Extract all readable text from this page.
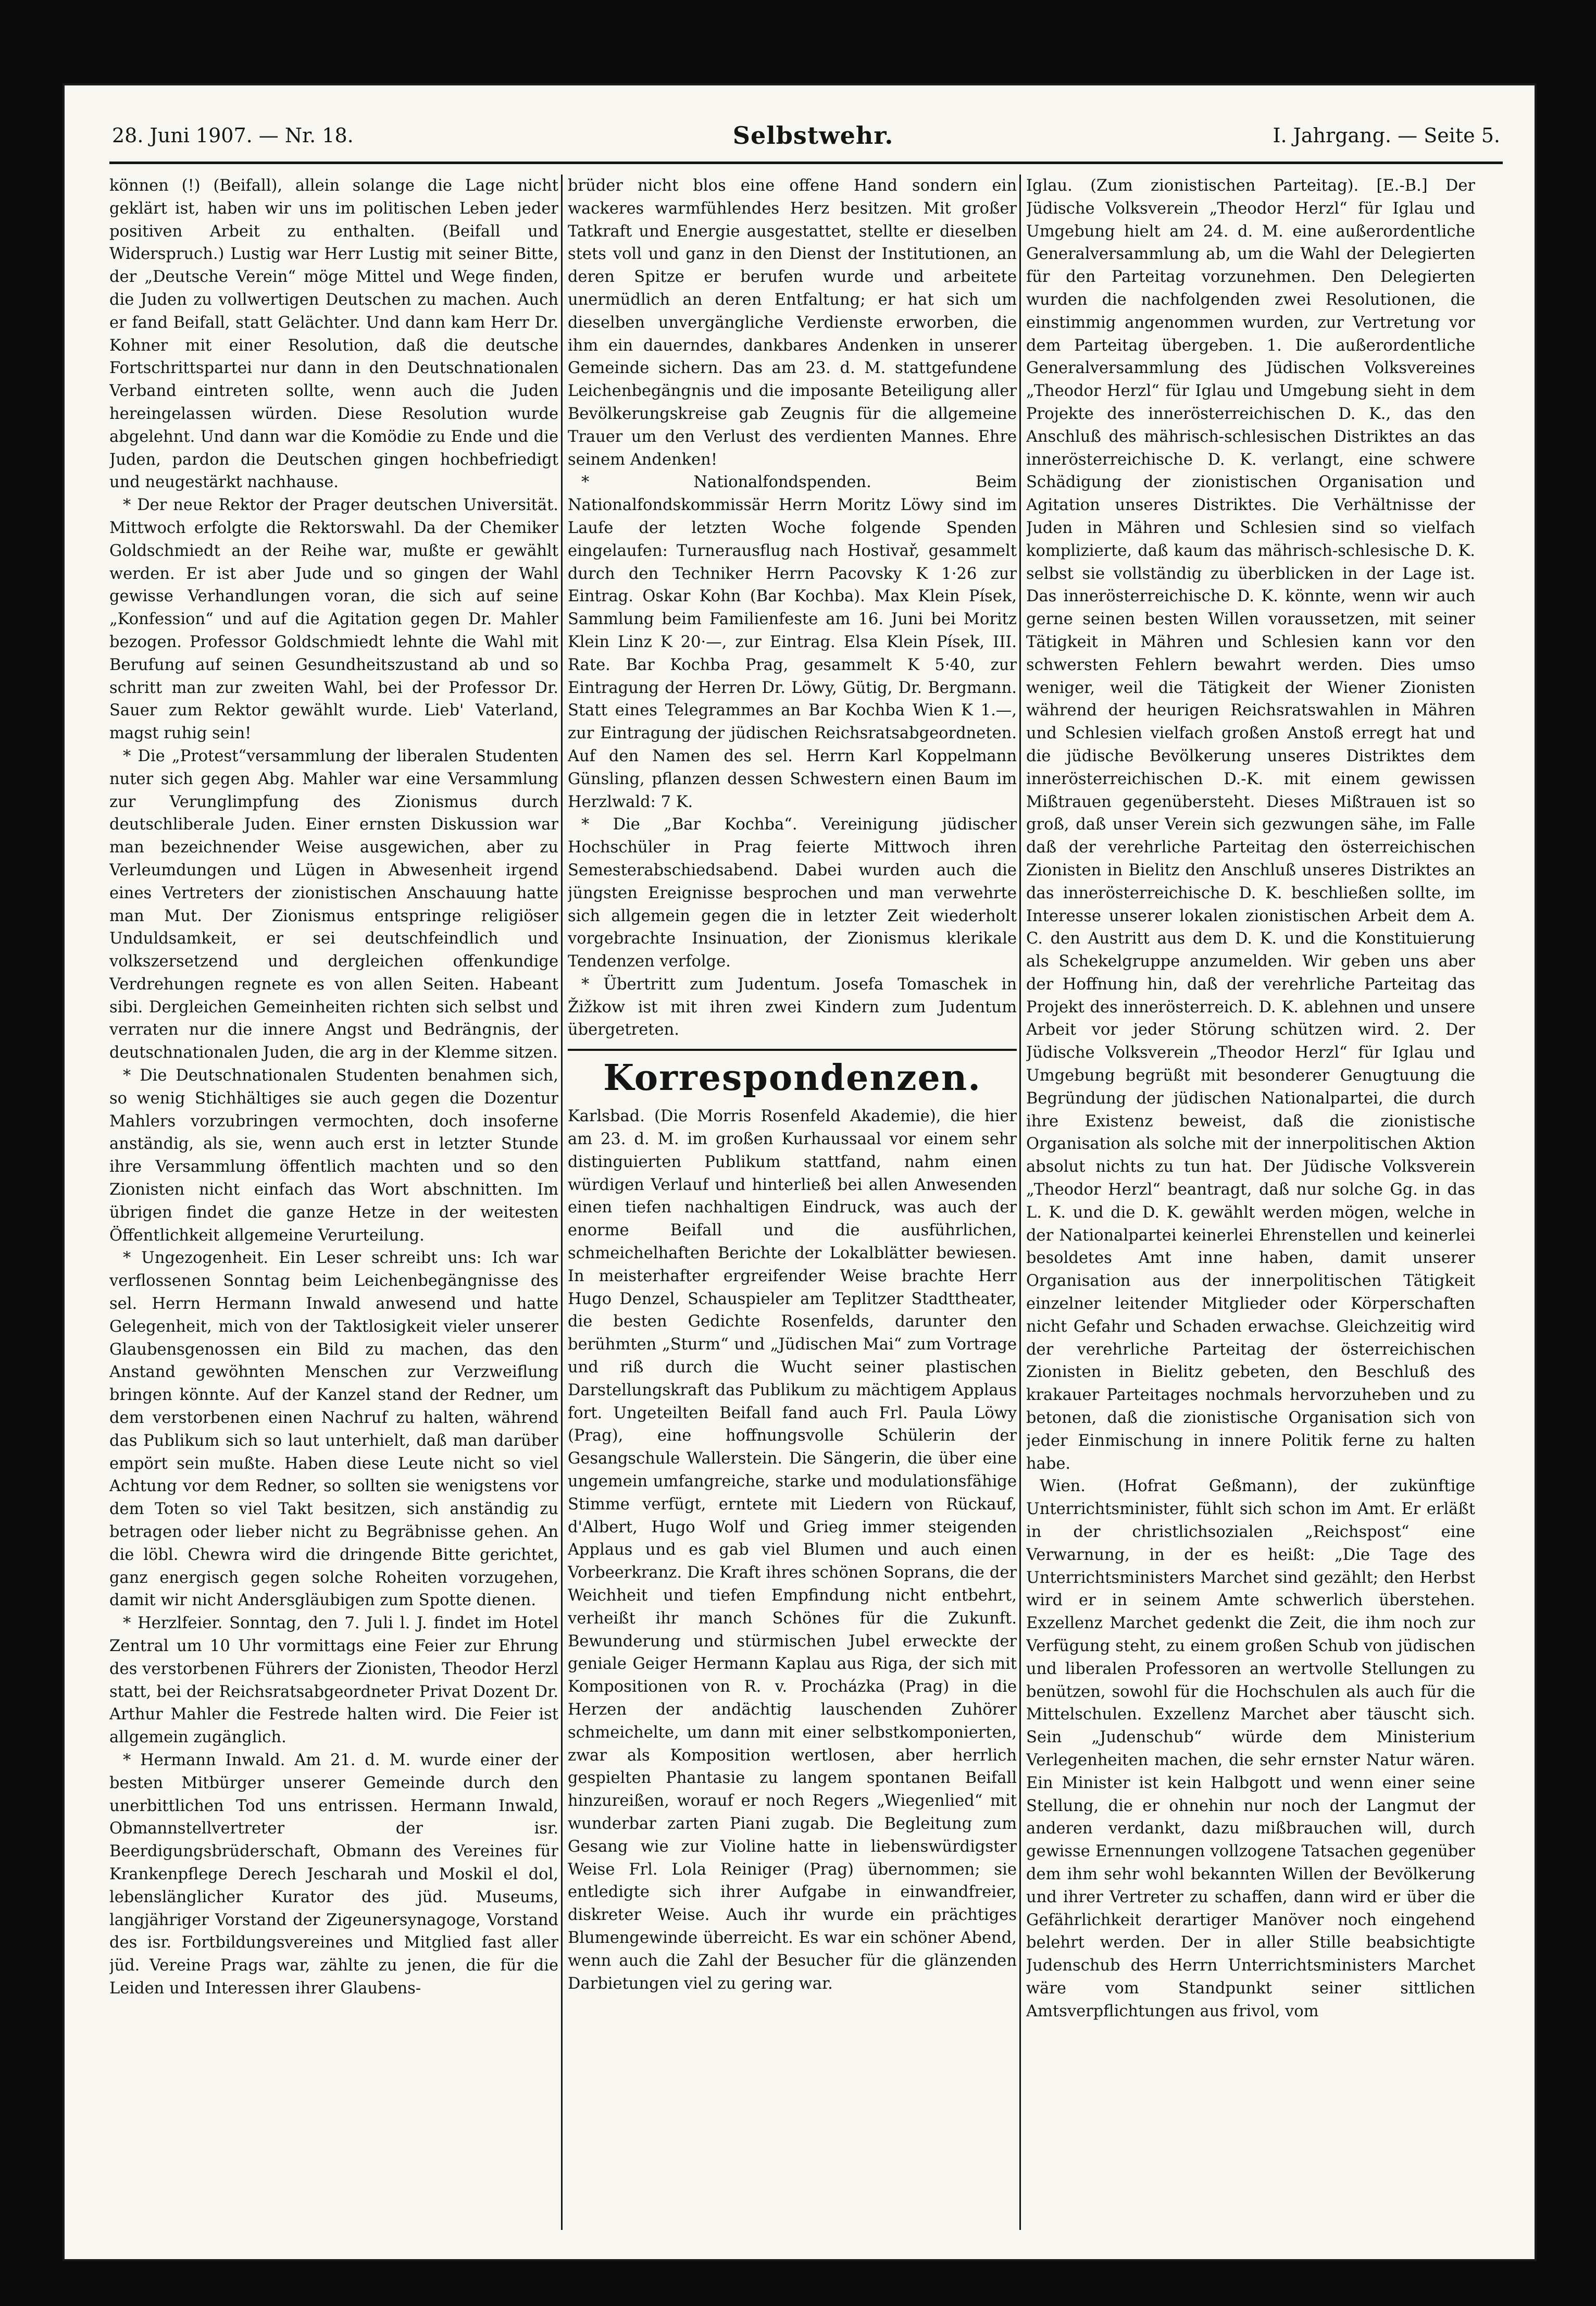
28. Juni 1907. — Nr. 18.	Selbstwehr.	I. Jahrgang. — Seite 5.

können (!) (Beifall), allein solange die Lage nicht geklärt ist, haben wir uns im politischen Leben jeder positiven Arbeit zu enthalten. (Beifall und Widerspruch.) Lustig war Herr Lustig mit seiner Bitte, der „Deutsche Verein“ möge Mittel und Wege finden, die Juden zu vollwertigen Deutschen zu machen. Auch er fand Beifall, statt Gelächter. Und dann kam Herr Dr. Kohner mit einer Resolution, daß die deutsche Fortschrittspartei nur dann in den Deutschnationalen Verband eintreten sollte, wenn auch die Juden hereingelassen würden. Diese Resolution wurde abgelehnt. Und dann war die Komödie zu Ende und die Juden, pardon die Deutschen gingen hochbefriedigt und neugestärkt nachhause.

* Der neue Rektor der Prager deutschen Universität. Mittwoch erfolgte die Rektorswahl. Da der Chemiker Goldschmiedt an der Reihe war, mußte er gewählt werden. Er ist aber Jude und so gingen der Wahl gewisse Verhandlungen voran, die sich auf seine „Konfession“ und auf die Agitation gegen Dr. Mahler bezogen. Professor Goldschmiedt lehnte die Wahl mit Berufung auf seinen Gesundheitszustand ab und so schritt man zur zweiten Wahl, bei der Professor Dr. Sauer zum Rektor gewählt wurde. Lieb' Vaterland, magst ruhig sein!

* Die „Protest“versammlung der liberalen Studenten nuter sich gegen Abg. Mahler war eine Versammlung zur Verunglimpfung des Zionismus durch deutschliberale Juden. Einer ernsten Diskussion war man bezeichnender Weise ausgewichen, aber zu Verleumdungen und Lügen in Abwesenheit irgend eines Vertreters der zionistischen Anschauung hatte man Mut. Der Zionismus entspringe religiöser Unduldsamkeit, er sei deutschfeindlich und volkszersetzend und dergleichen offenkundige Verdrehungen regnete es von allen Seiten. Habeant sibi. Dergleichen Gemeinheiten richten sich selbst und verraten nur die innere Angst und Bedrängnis, der deutschnationalen Juden, die arg in der Klemme sitzen.

* Die Deutschnationalen Studenten benahmen sich, so wenig Stichhältiges sie auch gegen die Dozentur Mahlers vorzubringen vermochten, doch insoferne anständig, als sie, wenn auch erst in letzter Stunde ihre Versammlung öffentlich machten und so den Zionisten nicht einfach das Wort abschnitten. Im übrigen findet die ganze Hetze in der weitesten Öffentlichkeit allgemeine Verurteilung.

* Ungezogenheit. Ein Leser schreibt uns: Ich war verflossenen Sonntag beim Leichenbegängnisse des sel. Herrn Hermann Inwald anwesend und hatte Gelegenheit, mich von der Taktlosigkeit vieler unserer Glaubensgenossen ein Bild zu machen, das den Anstand gewöhnten Menschen zur Verzweiflung bringen könnte. Auf der Kanzel stand der Redner, um dem verstorbenen einen Nachruf zu halten, während das Publikum sich so laut unterhielt, daß man darüber empört sein mußte. Haben diese Leute nicht so viel Achtung vor dem Redner, so sollten sie wenigstens vor dem Toten so viel Takt besitzen, sich anständig zu betragen oder lieber nicht zu Begräbnisse gehen. An die löbl. Chewra wird die dringende Bitte gerichtet, ganz energisch gegen solche Roheiten vorzugehen, damit wir nicht Andersgläubigen zum Spotte dienen.

* Herzlfeier. Sonntag, den 7. Juli l. J. findet im Hotel Zentral um 10 Uhr vormittags eine Feier zur Ehrung des verstorbenen Führers der Zionisten, Theodor Herzl statt, bei der Reichsratsabgeordneter Privat Dozent Dr. Arthur Mahler die Festrede halten wird. Die Feier ist allgemein zugänglich.

* Hermann Inwald. Am 21. d. M. wurde einer der besten Mitbürger unserer Gemeinde durch den unerbittlichen Tod uns entrissen. Hermann Inwald, Obmannstellvertreter der isr. Beerdigungsbrüderschaft, Obmann des Vereines für Krankenpflege Derech Jescharah und Moskil el dol, lebenslänglicher Kurator des jüd. Museums, langjähriger Vorstand der Zigeunersynagoge, Vorstand des isr. Fortbildungsvereines und Mitglied fast aller jüd. Vereine Prags war, zählte zu jenen, die für die Leiden und Interessen ihrer Glaubens-

brüder nicht blos eine offene Hand sondern ein wackeres warmfühlendes Herz besitzen. Mit großer Tatkraft und Energie ausgestattet, stellte er dieselben stets voll und ganz in den Dienst der Institutionen, an deren Spitze er berufen wurde und arbeitete unermüdlich an deren Entfaltung; er hat sich um dieselben unvergängliche Verdienste erworben, die ihm ein dauerndes, dankbares Andenken in unserer Gemeinde sichern. Das am 23. d. M. stattgefundene Leichenbegängnis und die imposante Beteiligung aller Bevölkerungskreise gab Zeugnis für die allgemeine Trauer um den Verlust des verdienten Mannes. Ehre seinem Andenken!

* Nationalfondspenden. Beim Nationalfondskommissär Herrn Moritz Löwy sind im Laufe der letzten Woche folgende Spenden eingelaufen: Turnerausflug nach Hostivař, gesammelt durch den Techniker Herrn Pacovsky K 1·26 zur Eintrag. Oskar Kohn (Bar Kochba). Max Klein Písek, Sammlung beim Familienfeste am 16. Juni bei Moritz Klein Linz K 20·—, zur Eintrag. Elsa Klein Písek, III. Rate. Bar Kochba Prag, gesammelt K 5·40, zur Eintragung der Herren Dr. Löwy, Gütig, Dr. Bergmann. Statt eines Telegrammes an Bar Kochba Wien K 1.—, zur Eintragung der jüdischen Reichsratsabgeordneten. Auf den Namen des sel. Herrn Karl Koppelmann Günsling, pflanzen dessen Schwestern einen Baum im Herzlwald: 7 K.

* Die „Bar Kochba“. Vereinigung jüdischer Hochschüler in Prag feierte Mittwoch ihren Semesterabschiedsabend. Dabei wurden auch die jüngsten Ereignisse besprochen und man verwehrte sich allgemein gegen die in letzter Zeit wiederholt vorgebrachte Insinuation, der Zionismus klerikale Tendenzen verfolge.

* Übertritt zum Judentum. Josefa Tomaschek in Žižkow ist mit ihren zwei Kindern zum Judentum übergetreten.

Korrespondenzen.

Karlsbad. (Die Morris Rosenfeld Akademie), die hier am 23. d. M. im großen Kurhaussaal vor einem sehr distinguierten Publikum stattfand, nahm einen würdigen Verlauf und hinterließ bei allen Anwesenden einen tiefen nachhaltigen Eindruck, was auch der enorme Beifall und die ausführlichen, schmeichelhaften Berichte der Lokalblätter bewiesen. In meisterhafter ergreifender Weise brachte Herr Hugo Denzel, Schauspieler am Teplitzer Stadttheater, die besten Gedichte Rosenfelds, darunter den berühmten „Sturm“ und „Jüdischen Mai“ zum Vortrage und riß durch die Wucht seiner plastischen Darstellungskraft das Publikum zu mächtigem Applaus fort. Ungeteilten Beifall fand auch Frl. Paula Löwy (Prag), eine hoffnungsvolle Schülerin der Gesangschule Wallerstein. Die Sängerin, die über eine ungemein umfangreiche, starke und modulationsfähige Stimme verfügt, erntete mit Liedern von Rückauf, d'Albert, Hugo Wolf und Grieg immer steigenden Applaus und es gab viel Blumen und auch einen Vorbeerkranz. Die Kraft ihres schönen Soprans, die der Weichheit und tiefen Empfindung nicht entbehrt, verheißt ihr manch Schönes für die Zukunft. Bewunderung und stürmischen Jubel erweckte der geniale Geiger Hermann Kaplau aus Riga, der sich mit Kompositionen von R. v. Procházka (Prag) in die Herzen der andächtig lauschenden Zuhörer schmeichelte, um dann mit einer selbstkomponierten, zwar als Komposition wertlosen, aber herrlich gespielten Phantasie zu langem spontanen Beifall hinzureißen, worauf er noch Regers „Wiegenlied“ mit wunderbar zarten Piani zugab. Die Begleitung zum Gesang wie zur Violine hatte in liebenswürdigster Weise Frl. Lola Reiniger (Prag) übernommen; sie entledigte sich ihrer Aufgabe in einwandfreier, diskreter Weise. Auch ihr wurde ein prächtiges Blumengewinde überreicht. Es war ein schöner Abend, wenn auch die Zahl der Besucher für die glänzenden Darbietungen viel zu gering war.

Iglau. (Zum zionistischen Parteitag). [E.-B.] Der Jüdische Volksverein „Theodor Herzl“ für Iglau und Umgebung hielt am 24. d. M. eine außerordentliche Generalversammlung ab, um die Wahl der Delegierten für den Parteitag vorzunehmen. Den Delegierten wurden die nachfolgenden zwei Resolutionen, die einstimmig angenommen wurden, zur Vertretung vor dem Parteitag übergeben. 1. Die außerordentliche Generalversammlung des Jüdischen Volksvereines „Theodor Herzl“ für Iglau und Umgebung sieht in dem Projekte des innerösterreichischen D. K., das den Anschluß des mährisch-schlesischen Distriktes an das innerösterreichische D. K. verlangt, eine schwere Schädigung der zionistischen Organisation und Agitation unseres Distriktes. Die Verhältnisse der Juden in Mähren und Schlesien sind so vielfach komplizierte, daß kaum das mährisch-schlesische D. K. selbst sie vollständig zu überblicken in der Lage ist. Das innerösterreichische D. K. könnte, wenn wir auch gerne seinen besten Willen voraussetzen, mit seiner Tätigkeit in Mähren und Schlesien kann vor den schwersten Fehlern bewahrt werden. Dies umso weniger, weil die Tätigkeit der Wiener Zionisten während der heurigen Reichsratswahlen in Mähren und Schlesien vielfach großen Anstoß erregt hat und die jüdische Bevölkerung unseres Distriktes dem innerösterreichischen D.-K. mit einem gewissen Mißtrauen gegenübersteht. Dieses Mißtrauen ist so groß, daß unser Verein sich gezwungen sähe, im Falle daß der verehrliche Parteitag den österreichischen Zionisten in Bielitz den Anschluß unseres Distriktes an das innerösterreichische D. K. beschließen sollte, im Interesse unserer lokalen zionistischen Arbeit dem A. C. den Austritt aus dem D. K. und die Konstituierung als Schekelgruppe anzumelden. Wir geben uns aber der Hoffnung hin, daß der verehrliche Parteitag das Projekt des innerösterreich. D. K. ablehnen und unsere Arbeit vor jeder Störung schützen wird. 2. Der Jüdische Volksverein „Theodor Herzl“ für Iglau und Umgebung begrüßt mit besonderer Genugtuung die Begründung der jüdischen Nationalpartei, die durch ihre Existenz beweist, daß die zionistische Organisation als solche mit der innerpolitischen Aktion absolut nichts zu tun hat. Der Jüdische Volksverein „Theodor Herzl“ beantragt, daß nur solche Gg. in das L. K. und die D. K. gewählt werden mögen, welche in der Nationalpartei keinerlei Ehrenstellen und keinerlei besoldetes Amt inne haben, damit unserer Organisation aus der innerpolitischen Tätigkeit einzelner leitender Mitglieder oder Körperschaften nicht Gefahr und Schaden erwachse. Gleichzeitig wird der verehrliche Parteitag der österreichischen Zionisten in Bielitz gebeten, den Beschluß des krakauer Parteitages nochmals hervorzuheben und zu betonen, daß die zionistische Organisation sich von jeder Einmischung in innere Politik ferne zu halten habe.

Wien. (Hofrat Geßmann), der zukünftige Unterrichtsminister, fühlt sich schon im Amt. Er erläßt in der christlichsozialen „Reichspost“ eine Verwarnung, in der es heißt: „Die Tage des Unterrichtsministers Marchet sind gezählt; den Herbst wird er in seinem Amte schwerlich überstehen. Exzellenz Marchet gedenkt die Zeit, die ihm noch zur Verfügung steht, zu einem großen Schub von jüdischen und liberalen Professoren an wertvolle Stellungen zu benützen, sowohl für die Hochschulen als auch für die Mittelschulen. Exzellenz Marchet aber täuscht sich. Sein „Judenschub“ würde dem Ministerium Verlegenheiten machen, die sehr ernster Natur wären. Ein Minister ist kein Halbgott und wenn einer seine Stellung, die er ohnehin nur noch der Langmut der anderen verdankt, dazu mißbrauchen will, durch gewisse Ernennungen vollzogene Tatsachen gegenüber dem ihm sehr wohl bekannten Willen der Bevölkerung und ihrer Vertreter zu schaffen, dann wird er über die Gefährlichkeit derartiger Manöver noch eingehend belehrt werden. Der in aller Stille beabsichtigte Judenschub des Herrn Unterrichtsministers Marchet wäre vom Standpunkt seiner sittlichen Amtsverpflichtungen aus frivol, vom
